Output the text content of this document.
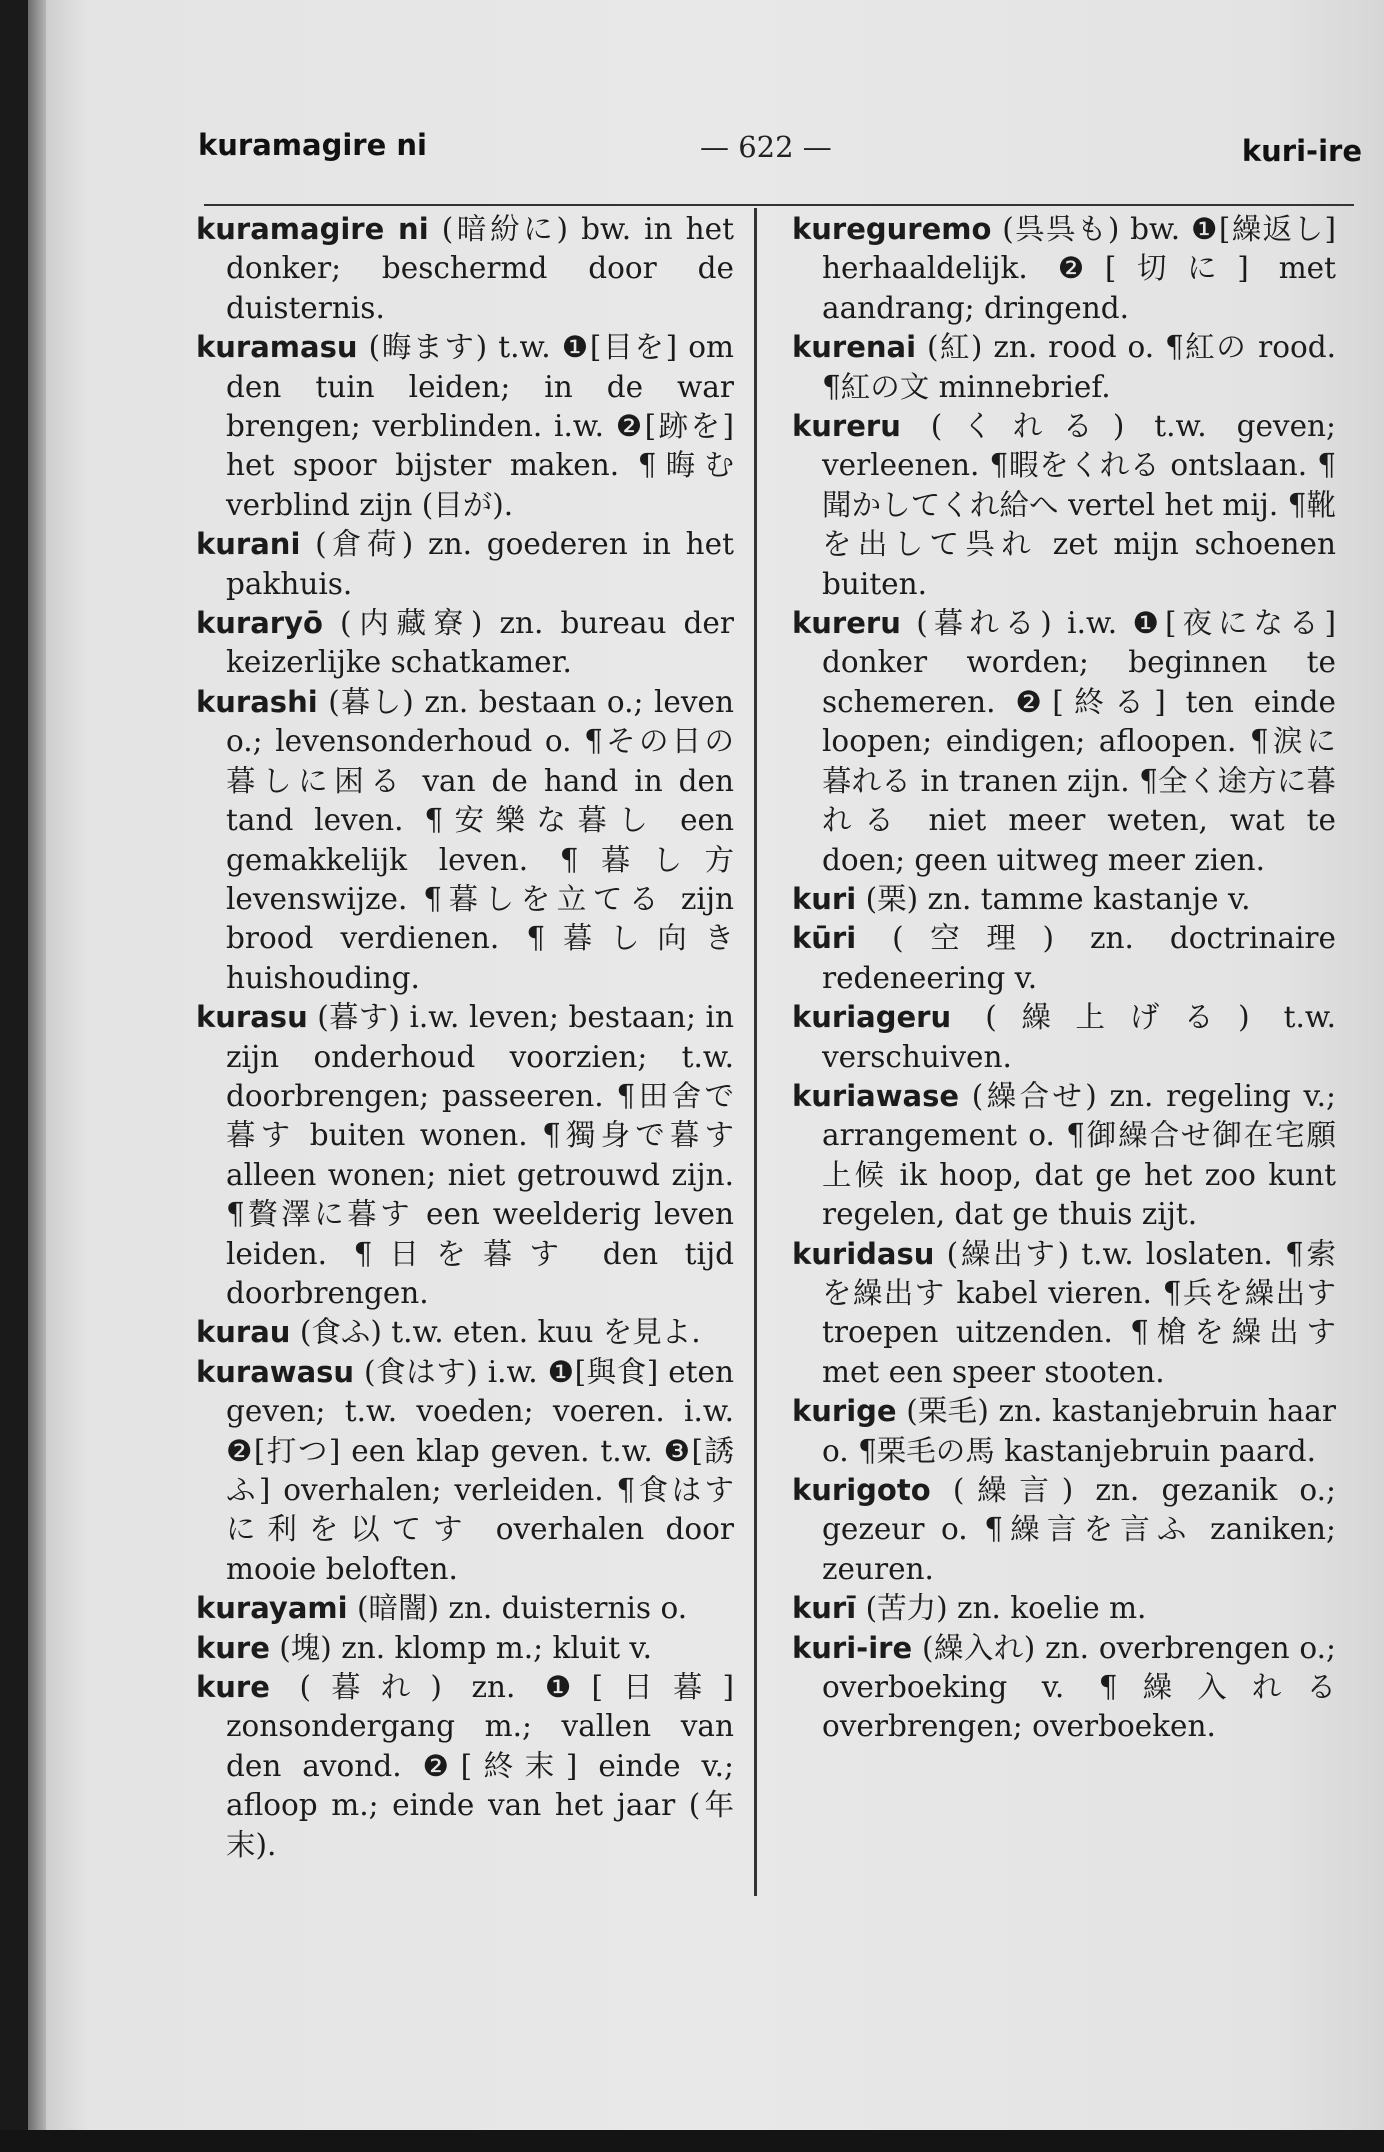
kuramagire ni	— 622 —	kuri-ire
kuramagire ni (暗紛に) bw. in het donker; beschermd door de duisternis.
kuramasu (晦ます) t.w. ❶[目を] om den tuin leiden; in de war brengen; verblinden. i.w. ❷[跡を] het spoor bijster maken. ¶晦む verblind zijn (目が).
kurani (倉荷) zn. goederen in het pakhuis.
kuraryō (内藏寮) zn. bureau der keizerlijke schatkamer.
kurashi (暮し) zn. bestaan o.; leven o.; levensonderhoud o. ¶その日の暮しに困る van de hand in den tand leven. ¶安樂な暮し een gemakkelijk leven. ¶暮し方 levenswijze. ¶暮しを立てる zijn brood verdienen. ¶暮し向き huishouding.
kurasu (暮す) i.w. leven; bestaan; in zijn onderhoud voorzien; t.w. doorbrengen; passeeren. ¶田舍で暮す buiten wonen. ¶獨身で暮す alleen wonen; niet getrouwd zijn. ¶贅澤に暮す een weelderig leven leiden. ¶日を暮す den tijd doorbrengen.
kurau (食ふ) t.w. eten. kuu を見よ.
kurawasu (食はす) i.w. ❶[與食] eten geven; t.w. voeden; voeren. i.w. ❷[打つ] een klap geven. t.w. ❸[誘ふ] overhalen; verleiden. ¶食はすに利を以てす overhalen door mooie beloften.
kurayami (暗闇) zn. duisternis o.
kure (塊) zn. klomp m.; kluit v.
kure (暮れ) zn. ❶[日暮] zonsondergang m.; vallen van den avond. ❷[終末] einde v.; afloop m.; einde van het jaar (年末).
kureguremo (呉呉も) bw. ❶[繰返し] herhaaldelijk. ❷[切に] met aandrang; dringend.
kurenai (紅) zn. rood o. ¶紅の rood. ¶紅の文 minnebrief.
kureru (くれる) t.w. geven; verleenen. ¶暇をくれる ontslaan. ¶聞かしてくれ給へ vertel het mij. ¶靴を出して呉れ zet mijn schoenen buiten.
kureru (暮れる) i.w. ❶[夜になる] donker worden; beginnen te schemeren. ❷[終る] ten einde loopen; eindigen; afloopen. ¶涙に暮れる in tranen zijn. ¶全く途方に暮れる niet meer weten, wat te doen; geen uitweg meer zien.
kuri (栗) zn. tamme kastanje v.
kūri (空理) zn. doctrinaire redeneering v.
kuriageru (繰上げる) t.w. verschuiven.
kuriawase (繰合せ) zn. regeling v.; arrangement o. ¶御繰合せ御在宅願上候 ik hoop, dat ge het zoo kunt regelen, dat ge thuis zijt.
kuridasu (繰出す) t.w. loslaten. ¶索を繰出す kabel vieren. ¶兵を繰出す troepen uitzenden. ¶槍を繰出す met een speer stooten.
kurige (栗毛) zn. kastanjebruin haar o. ¶栗毛の馬 kastanjebruin paard.
kurigoto (繰言) zn. gezanik o.; gezeur o. ¶繰言を言ふ zaniken; zeuren.
kurī (苦力) zn. koelie m.
kuri-ire (繰入れ) zn. overbrengen o.; overboeking v. ¶繰入れる overbrengen; overboeken.
